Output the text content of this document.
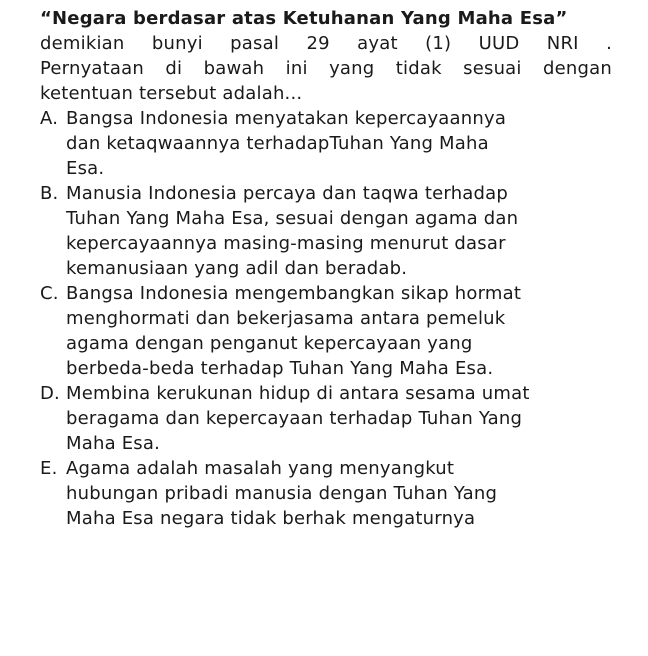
“Negara berdasar atas Ketuhanan Yang Maha Esa”
demikian bunyi pasal 29 ayat (1) UUD NRI .
Pernyataan di bawah ini yang tidak sesuai dengan
ketentuan tersebut adalah...
A. Bangsa Indonesia menyatakan kepercayaannya
dan ketaqwaannya terhadapTuhan Yang Maha
Esa.
B. Manusia Indonesia percaya dan taqwa terhadap
Tuhan Yang Maha Esa, sesuai dengan agama dan
kepercayaannya masing-masing menurut dasar
kemanusiaan yang adil dan beradab.
C. Bangsa Indonesia mengembangkan sikap hormat
menghormati dan bekerjasama antara pemeluk
agama dengan penganut kepercayaan yang
berbeda-beda terhadap Tuhan Yang Maha Esa.
D. Membina kerukunan hidup di antara sesama umat
beragama dan kepercayaan terhadap Tuhan Yang
Maha Esa.
E. Agama adalah masalah yang menyangkut
hubungan pribadi manusia dengan Tuhan Yang
Maha Esa negara tidak berhak mengaturnya
